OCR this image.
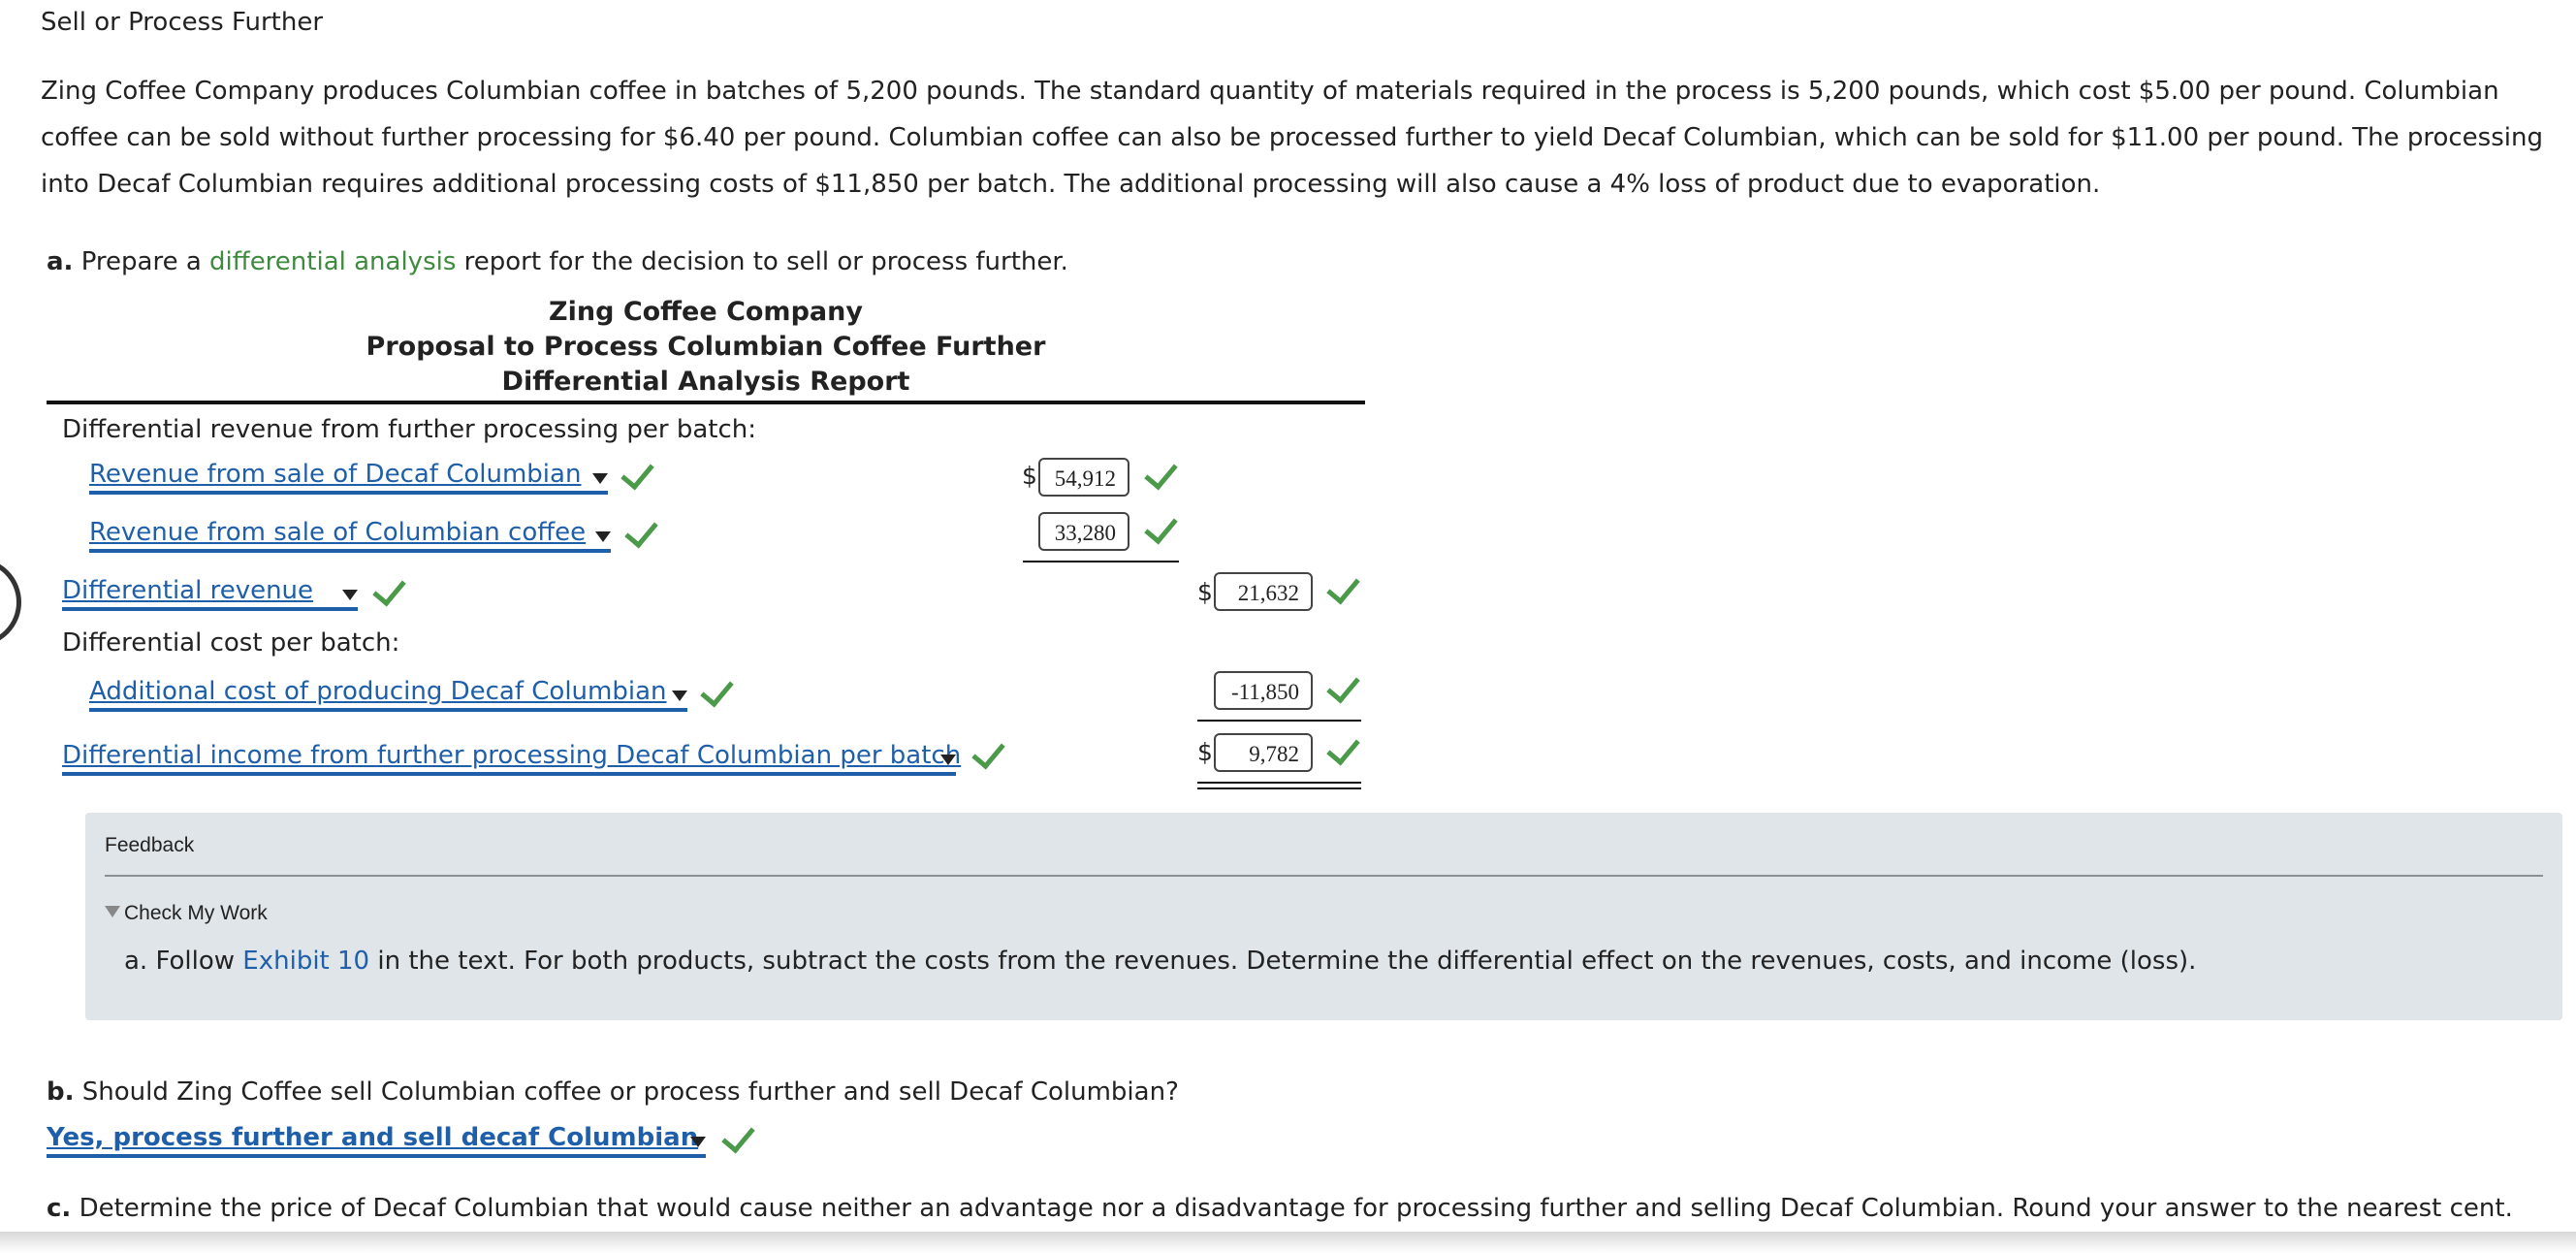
Sell or Process Further
Zing Coffee Company produces Columbian coffee in batches of 5,200 pounds. The standard quantity of materials required in the process is 5,200 pounds, which cost $5.00 per pound. Columbian coffee can be sold without further processing for $6.40 per pound. Columbian coffee can also be processed further to yield Decaf Columbian, which can be sold for $11.00 per pound. The processing into Decaf Columbian requires additional processing costs of $11,850 per batch. The additional processing will also cause a 4% loss of product due to evaporation.
a. Prepare a differential analysis report for the decision to sell or process further.
Zing Coffee Company
Proposal to Process Columbian Coffee Further
Differential Analysis Report
Differential revenue from further processing per batch:
Revenue from sale of Decaf Columbian	$ 54,912
Revenue from sale of Columbian coffee	33,280
Differential revenue	$	21,632
Differential cost per batch:
Additional cost of producing Decaf Columbian	-11,850
Differential income from further processing Decaf Columbian per batch	$	9,782
Feedback
Check My Work
a. Follow Exhibit 10 in the text. For both products, subtract the costs from the revenues. Determine the differential effect on the revenues, costs, and income (loss).
b. Should Zing Coffee sell Columbian coffee or process further and sell Decaf Columbian?
Yes, process further and sell decaf Columbian
c. Determine the price of Decaf Columbian that would cause neither an advantage nor a disadvantage for processing further and selling Decaf Columbian. Round your answer to the nearest cent.
